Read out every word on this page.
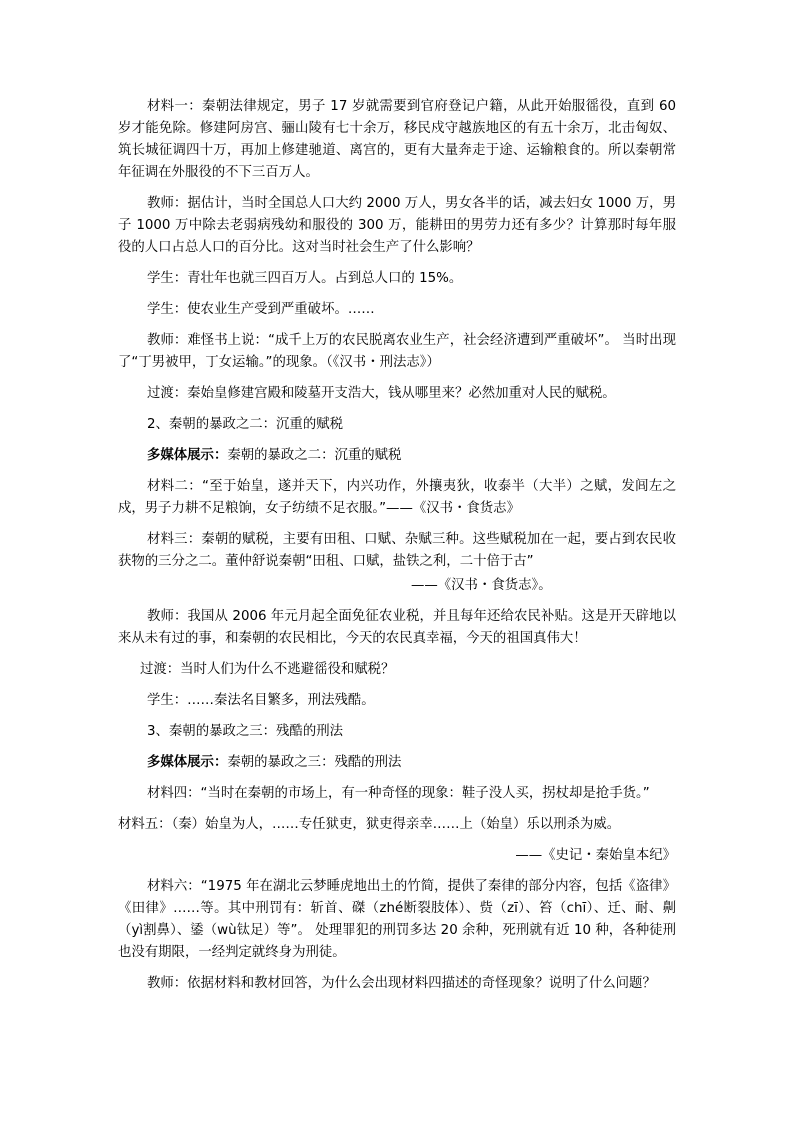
材料一：秦朝法律规定，男子 17 岁就需要到官府登记户籍，从此开始服徭役，直到 60 岁才能免除。修建阿房宫、骊山陵有七十余万，移民戍守越族地区的有五十余万，北击匈奴、筑长城征调四十万，再加上修建驰道、离宫的，更有大量奔走于途、运输粮食的。所以秦朝常年征调在外服役的不下三百万人。

教师：据估计，当时全国总人口大约 2000 万人，男女各半的话，减去妇女 1000 万，男子 1000 万中除去老弱病残幼和服役的 300 万，能耕田的男劳力还有多少？计算那时每年服役的人口占总人口的百分比。这对当时社会生产了什么影响？

学生：青壮年也就三四百万人。占到总人口的 15%。

学生：使农业生产受到严重破坏。……

教师：难怪书上说：“成千上万的农民脱离农业生产，社会经济遭到严重破坏”。 当时出现了“丁男被甲，丁女运输。”的现象。（《汉书・刑法志》）

过渡：秦始皇修建宫殿和陵墓开支浩大，钱从哪里来？必然加重对人民的赋税。

2、秦朝的暴政之二：沉重的赋税

多媒体展示：秦朝的暴政之二：沉重的赋税

材料二：“至于始皇，遂并天下，内兴功作，外攘夷狄，收泰半（大半）之赋，发闾左之戍，男子力耕不足粮饷，女子纺绩不足衣服。”——《汉书・食货志》

材料三：秦朝的赋税，主要有田租、口赋、杂赋三种。这些赋税加在一起，要占到农民收获物的三分之二。董仲舒说秦朝“田租、口赋，盐铁之利，二十倍于古”

——《汉书・食货志》。

教师：我国从 2006 年元月起全面免征农业税，并且每年还给农民补贴。这是开天辟地以来从未有过的事，和秦朝的农民相比，今天的农民真幸福，今天的祖国真伟大！

过渡：当时人们为什么不逃避徭役和赋税？

学生：……秦法名目繁多，刑法残酷。

3、秦朝的暴政之三：残酷的刑法

多媒体展示：秦朝的暴政之三：残酷的刑法

材料四：“当时在秦朝的市场上，有一种奇怪的现象：鞋子没人买，拐杖却是抢手货。”

材料五：（秦）始皇为人，……专任狱吏，狱吏得亲幸……上（始皇）乐以刑杀为威。

——《史记・秦始皇本纪》

材料六：“1975 年在湖北云梦睡虎地出土的竹简，提供了秦律的部分内容，包括《盗律》《田律》……等。其中刑罚有：斩首、磔（zhé断裂肢体）、赀（zī）、笞（chī）、迁、耐、劓（yì割鼻）、鋈（wù钛足）等”。 处理罪犯的刑罚多达 20 余种，死刑就有近 10 种，各种徒刑也没有期限，一经判定就终身为刑徒。

教师：依据材料和教材回答，为什么会出现材料四描述的奇怪现象？说明了什么问题？
